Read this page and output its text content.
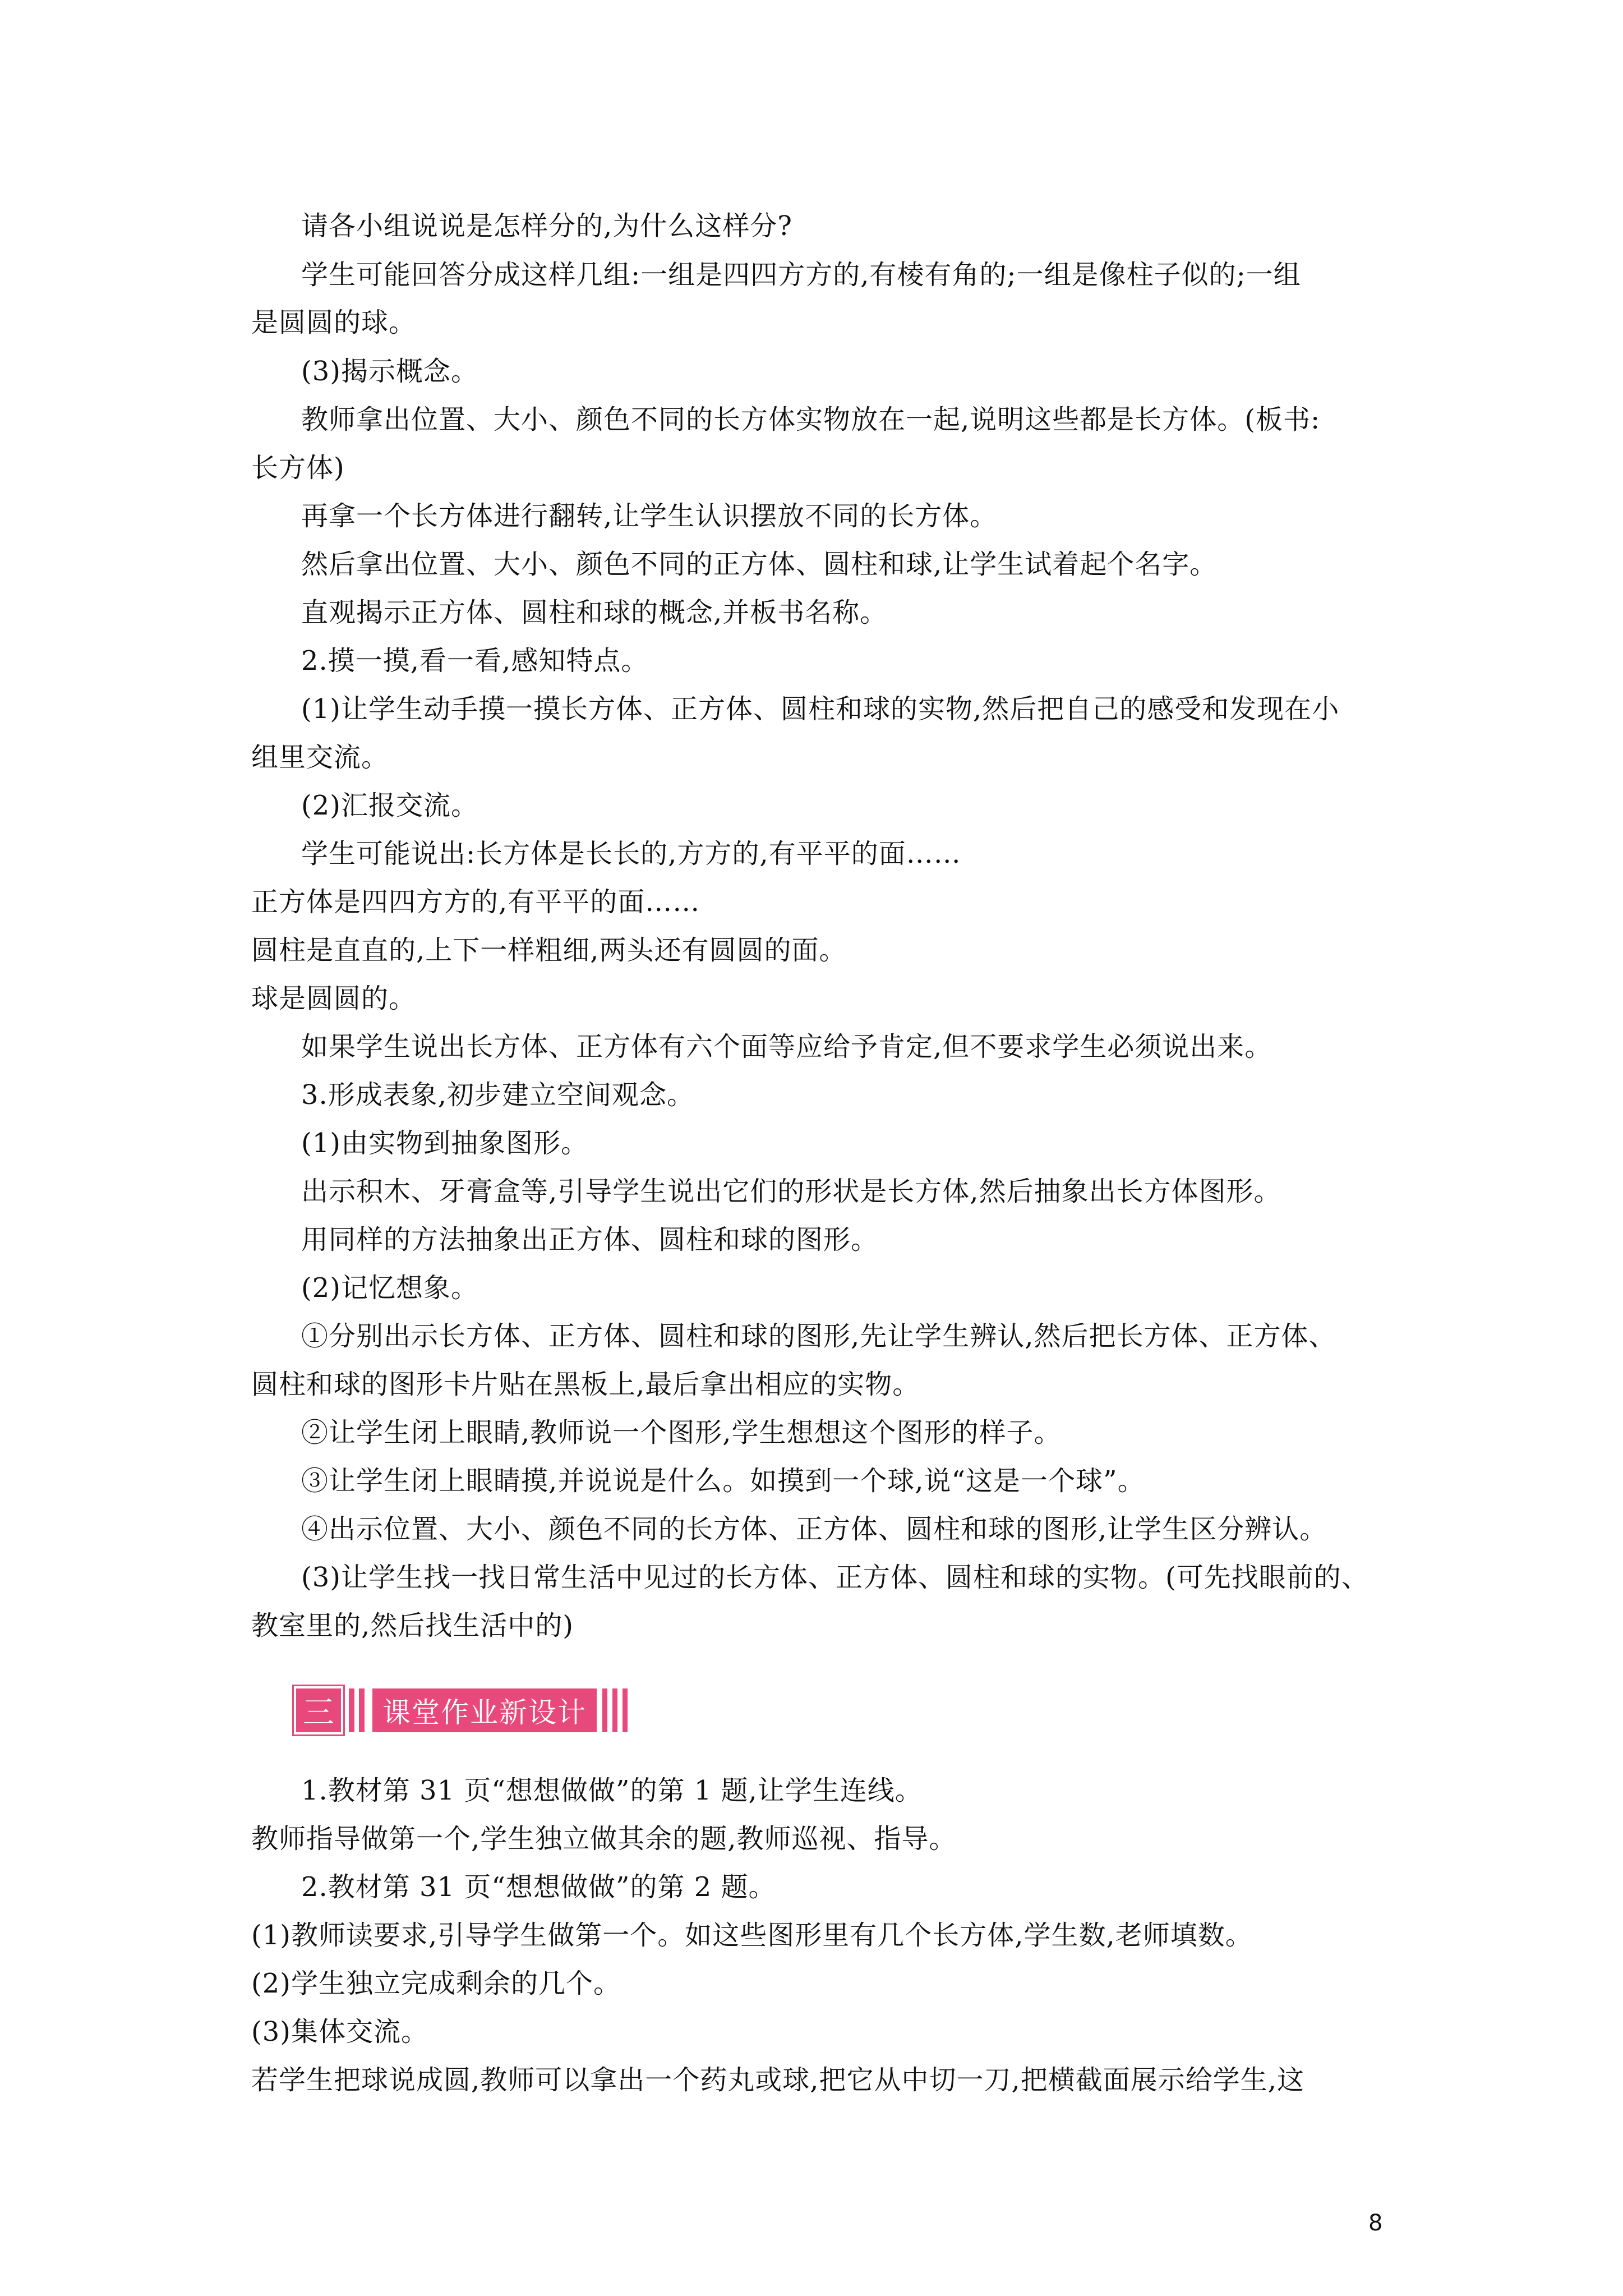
请各小组说说是怎样分的,为什么这样分?
学生可能回答分成这样几组:一组是四四方方的,有棱有角的;一组是像柱子似的;一组
是圆圆的球。
(3)揭示概念。
教师拿出位置、大小、颜色不同的长方体实物放在一起,说明这些都是长方体。(板书:
长方体)
再拿一个长方体进行翻转,让学生认识摆放不同的长方体。
然后拿出位置、大小、颜色不同的正方体、圆柱和球,让学生试着起个名字。
直观揭示正方体、圆柱和球的概念,并板书名称。
2.摸一摸,看一看,感知特点。
(1)让学生动手摸一摸长方体、正方体、圆柱和球的实物,然后把自己的感受和发现在小
组里交流。
(2)汇报交流。
学生可能说出:长方体是长长的,方方的,有平平的面……
正方体是四四方方的,有平平的面……
圆柱是直直的,上下一样粗细,两头还有圆圆的面。
球是圆圆的。
如果学生说出长方体、正方体有六个面等应给予肯定,但不要求学生必须说出来。
3.形成表象,初步建立空间观念。
(1)由实物到抽象图形。
出示积木、牙膏盒等,引导学生说出它们的形状是长方体,然后抽象出长方体图形。
用同样的方法抽象出正方体、圆柱和球的图形。
(2)记忆想象。
①分别出示长方体、正方体、圆柱和球的图形,先让学生辨认,然后把长方体、正方体、
圆柱和球的图形卡片贴在黑板上,最后拿出相应的实物。
②让学生闭上眼睛,教师说一个图形,学生想想这个图形的样子。
③让学生闭上眼睛摸,并说说是什么。如摸到一个球,说“这是一个球”。
④出示位置、大小、颜色不同的长方体、正方体、圆柱和球的图形,让学生区分辨认。
(3)让学生找一找日常生活中见过的长方体、正方体、圆柱和球的实物。(可先找眼前的、
教室里的,然后找生活中的)
三	课堂作业新设计
1.教材第 31 页“想想做做”的第 1 题,让学生连线。
教师指导做第一个,学生独立做其余的题,教师巡视、指导。
2.教材第 31 页“想想做做”的第 2 题。
(1)教师读要求,引导学生做第一个。如这些图形里有几个长方体,学生数,老师填数。
(2)学生独立完成剩余的几个。
(3)集体交流。
若学生把球说成圆,教师可以拿出一个药丸或球,把它从中切一刀,把横截面展示给学生,这
8
